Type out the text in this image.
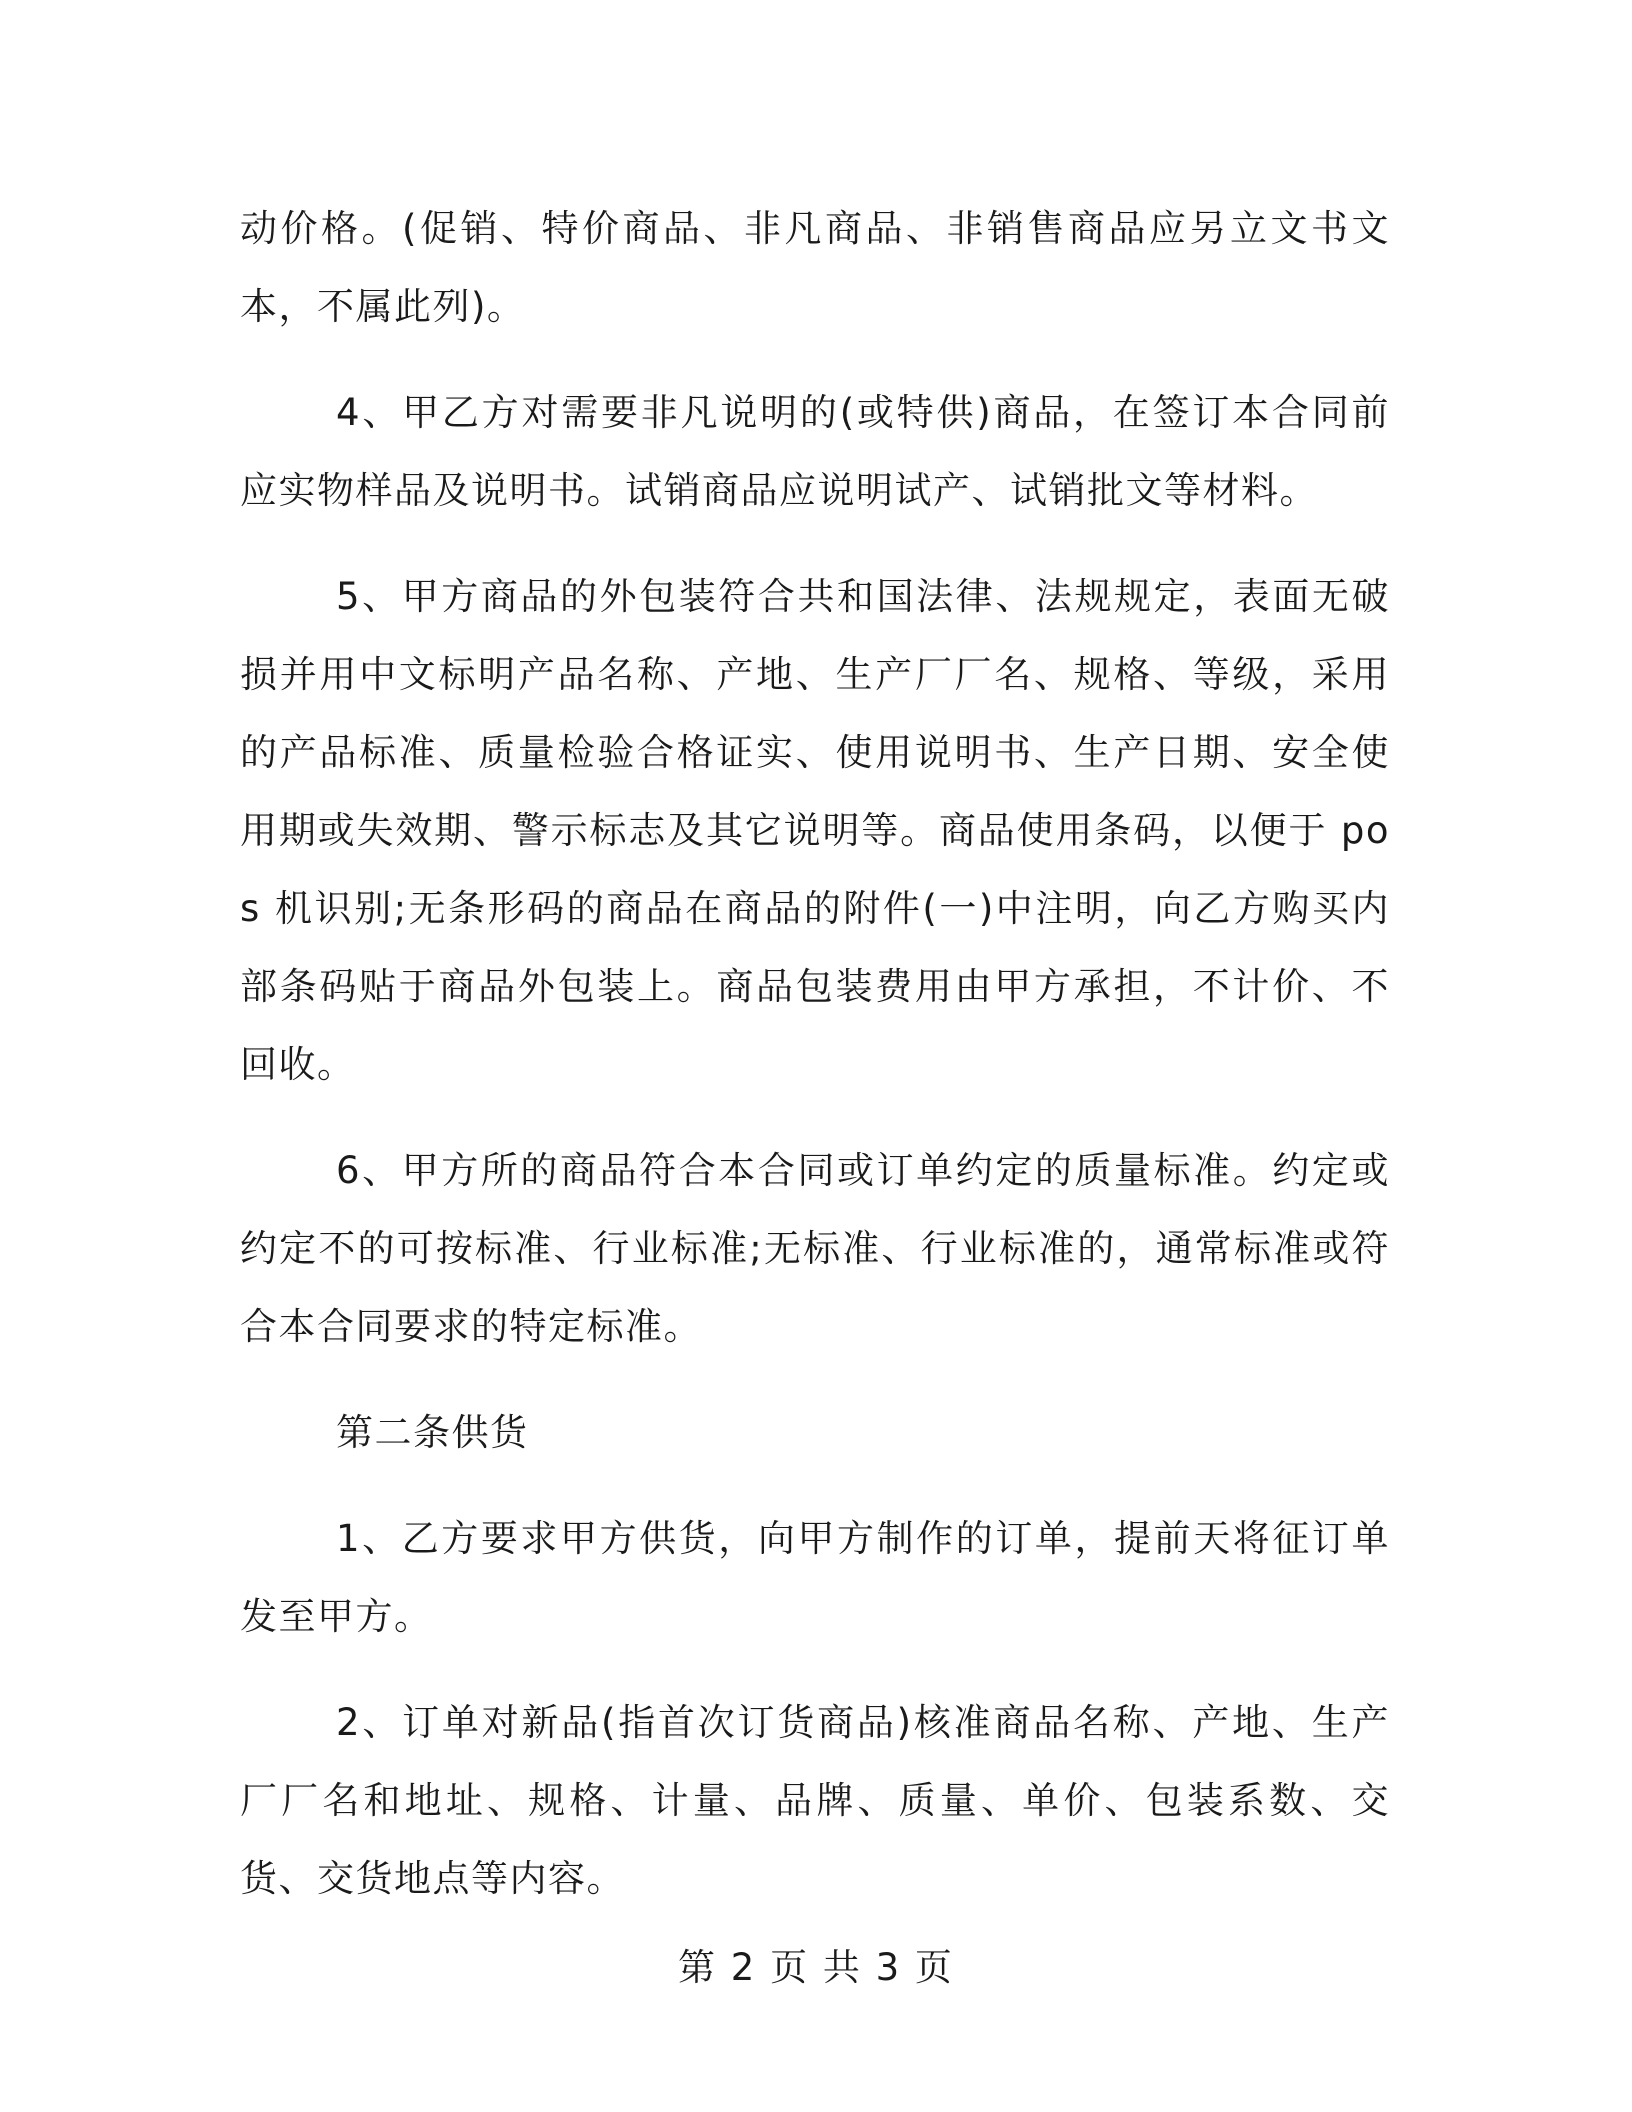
动价格。(促销、特价商品、非凡商品、非销售商品应另立文书文本，不属此列)。

4、甲乙方对需要非凡说明的(或特供)商品，在签订本合同前应实物样品及说明书。试销商品应说明试产、试销批文等材料。

5、甲方商品的外包装符合共和国法律、法规规定，表面无破损并用中文标明产品名称、产地、生产厂厂名、规格、等级，采用的产品标准、质量检验合格证实、使用说明书、生产日期、安全使用期或失效期、警示标志及其它说明等。商品使用条码，以便于 pos 机识别;无条形码的商品在商品的附件(一)中注明，向乙方购买内部条码贴于商品外包装上。商品包装费用由甲方承担，不计价、不回收。

6、甲方所的商品符合本合同或订单约定的质量标准。约定或约定不的可按标准、行业标准;无标准、行业标准的，通常标准或符合本合同要求的特定标准。

第二条供货

1、乙方要求甲方供货，向甲方制作的订单，提前天将征订单发至甲方。

2、订单对新品(指首次订货商品)核准商品名称、产地、生产厂厂名和地址、规格、计量、品牌、质量、单价、包装系数、交货、交货地点等内容。

第 2 页 共 3 页
